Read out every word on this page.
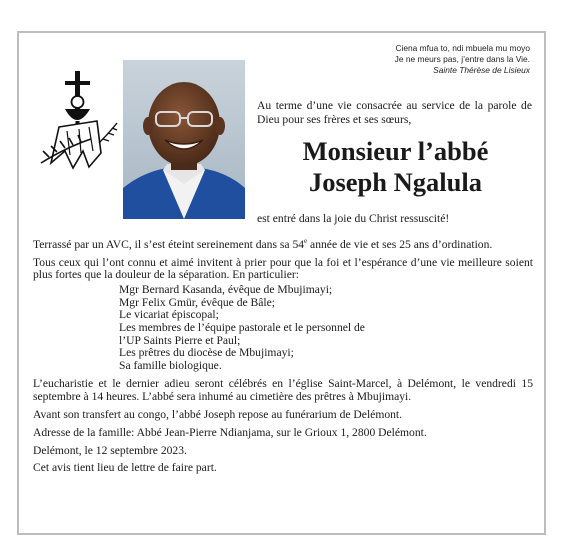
Ciena mfua to, ndi mbuela mu moyo
Je ne meurs pas, j’entre dans la Vie.
Sainte Thérèse de Lisieux
Au terme d’une vie consacrée au service de la parole de Dieu pour ses frères et ses sœurs,
Monsieur l’abbé
Joseph Ngalula
est entré dans la joie du Christ ressuscité!

Terrassé par un AVC, il s’est éteint sereinement dans sa 54e année de vie et ses 25 ans d’ordination.

Tous ceux qui l’ont connu et aimé invitent à prier pour que la foi et l’espérance d’une vie meilleure soient plus fortes que la douleur de la séparation. En particulier:

Mgr Bernard Kasanda, évêque de Mbujimayi;
Mgr Felix Gmür, évêque de Bâle;
Le vicariat épiscopal;
Les membres de l’équipe pastorale et le personnel de
l’UP Saints Pierre et Paul;
Les prêtres du diocèse de Mbujimayi;
Sa famille biologique.

L’eucharistie et le dernier adieu seront célébrés en l’église Saint-Marcel, à Delémont, le vendredi 15 septembre à 14 heures. L’abbé sera inhumé au cimetière des prêtres à Mbujimayi.

Avant son transfert au congo, l’abbé Joseph repose au funérarium de Delémont.

Adresse de la famille: Abbé Jean-Pierre Ndianjama, sur le Grioux 1, 2800 Delémont.

Delémont, le 12 septembre 2023.

Cet avis tient lieu de lettre de faire part.
